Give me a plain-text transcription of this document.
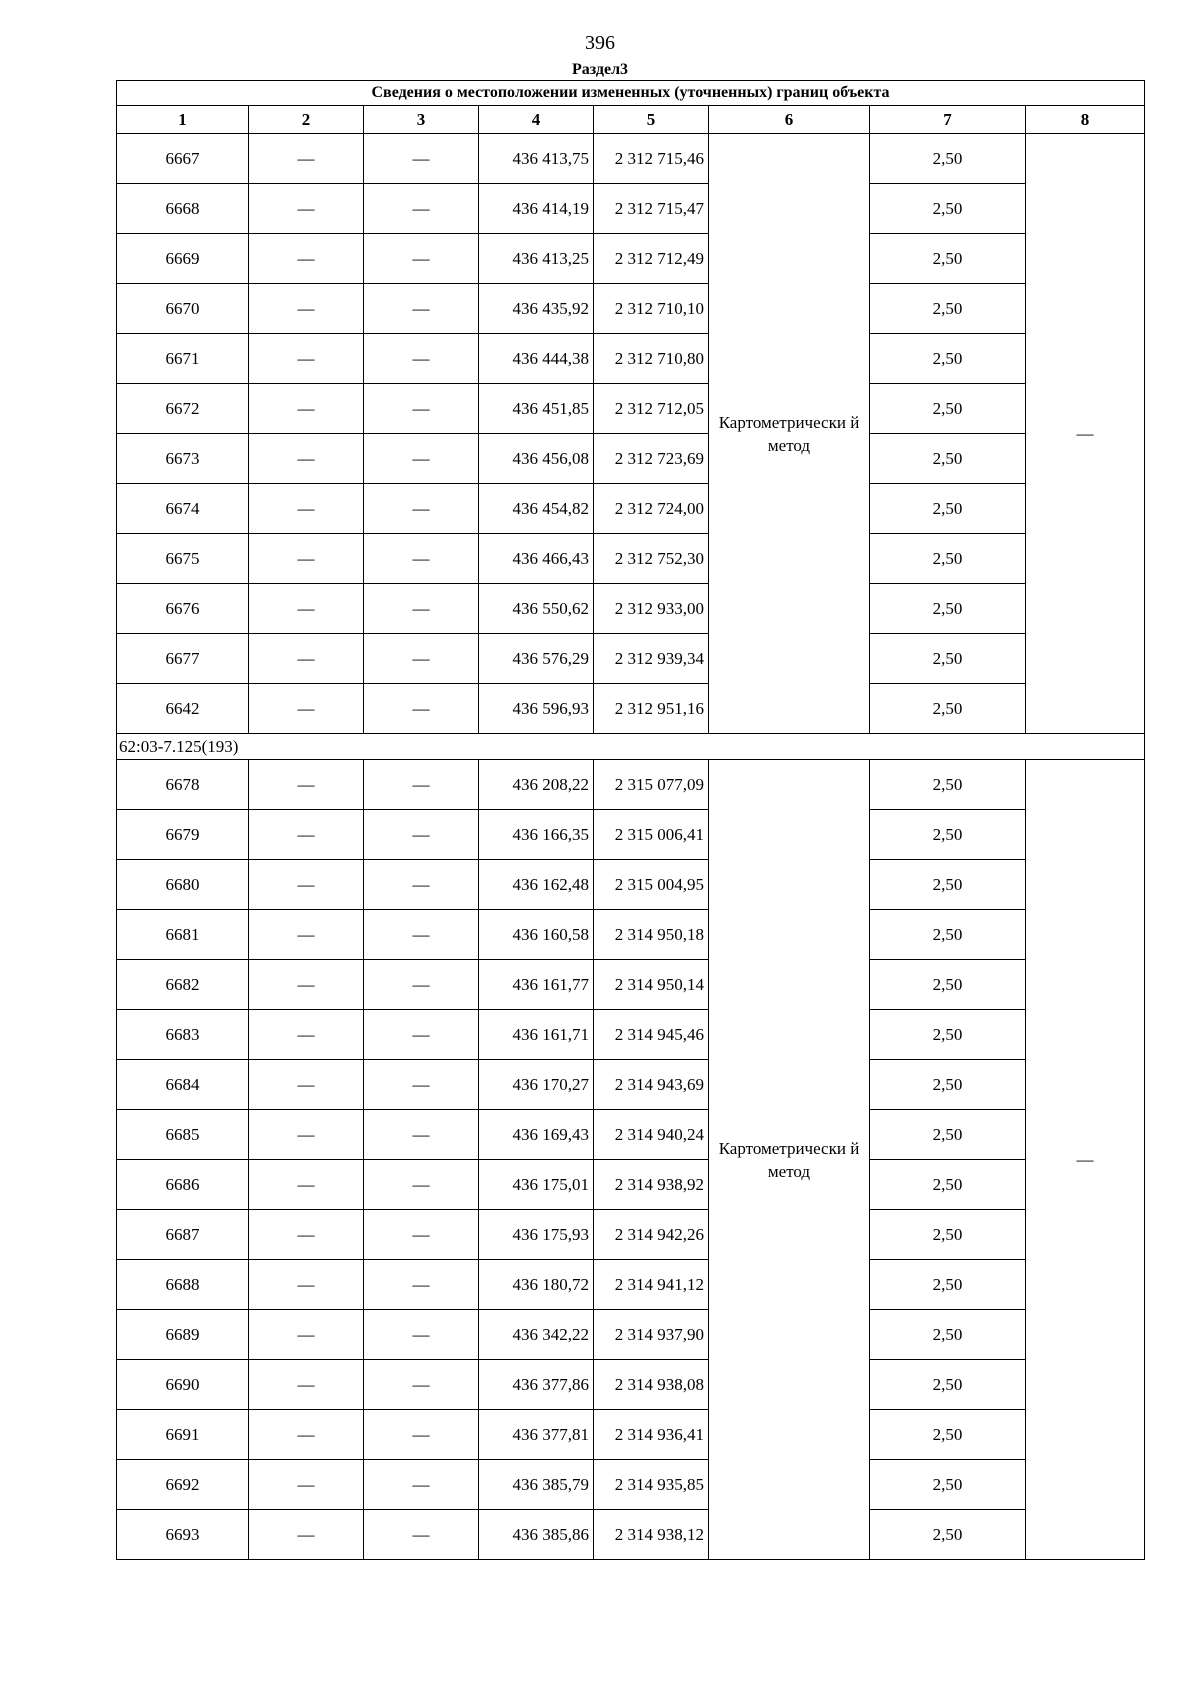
396
Раздел3
Сведения о местоположении измененных (уточненных) границ объекта							
1	2	3	4	5	6	7	8
6667	—	—	436 413,75	2 312 715,46	Картометрически й метод	2,50	—
6668	—	—	436 414,19	2 312 715,47		2,50	
6669	—	—	436 413,25	2 312 712,49		2,50	
6670	—	—	436 435,92	2 312 710,10		2,50	
6671	—	—	436 444,38	2 312 710,80		2,50	
6672	—	—	436 451,85	2 312 712,05		2,50	
6673	—	—	436 456,08	2 312 723,69		2,50	
6674	—	—	436 454,82	2 312 724,00		2,50	
6675	—	—	436 466,43	2 312 752,30		2,50	
6676	—	—	436 550,62	2 312 933,00		2,50	
6677	—	—	436 576,29	2 312 939,34		2,50	
6642	—	—	436 596,93	2 312 951,16		2,50	
62:03-7.125(193)							
6678	—	—	436 208,22	2 315 077,09	Картометрически й метод	2,50	—
6679	—	—	436 166,35	2 315 006,41		2,50	
6680	—	—	436 162,48	2 315 004,95		2,50	
6681	—	—	436 160,58	2 314 950,18		2,50	
6682	—	—	436 161,77	2 314 950,14		2,50	
6683	—	—	436 161,71	2 314 945,46		2,50	
6684	—	—	436 170,27	2 314 943,69		2,50	
6685	—	—	436 169,43	2 314 940,24		2,50	
6686	—	—	436 175,01	2 314 938,92		2,50	
6687	—	—	436 175,93	2 314 942,26		2,50	
6688	—	—	436 180,72	2 314 941,12		2,50	
6689	—	—	436 342,22	2 314 937,90		2,50	
6690	—	—	436 377,86	2 314 938,08		2,50	
6691	—	—	436 377,81	2 314 936,41		2,50	
6692	—	—	436 385,79	2 314 935,85		2,50	
6693	—	—	436 385,86	2 314 938,12		2,50	
